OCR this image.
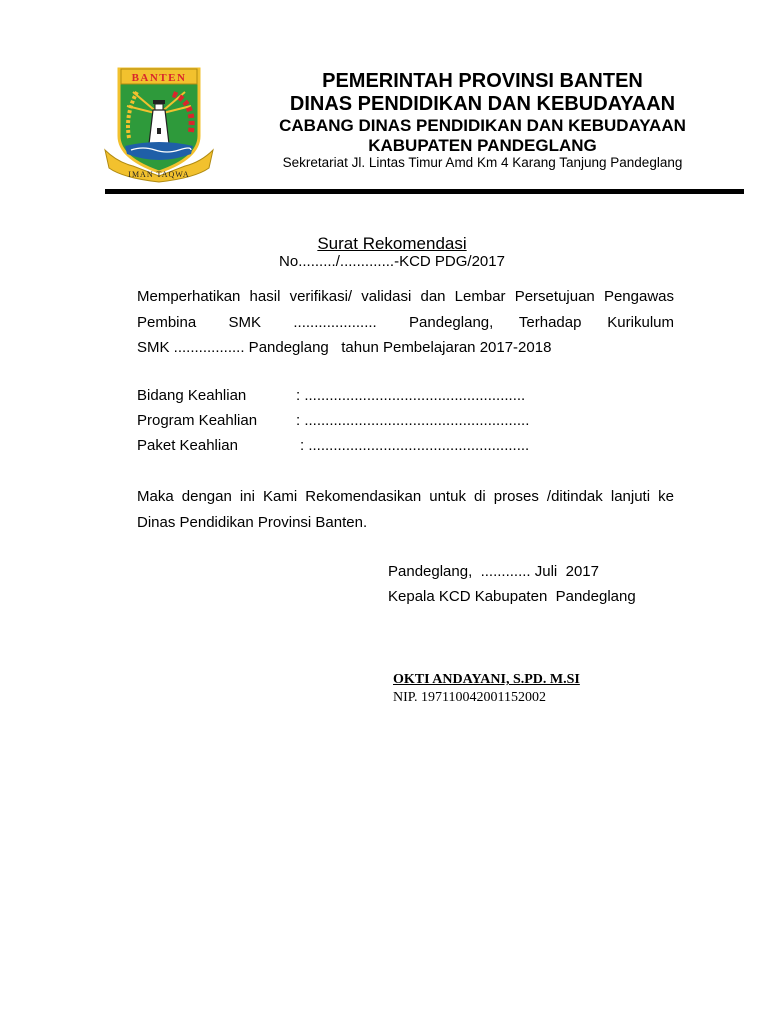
BANTEN
IMAN TAQWA
PEMERINTAH PROVINSI BANTEN
DINAS PENDIDIKAN DAN KEBUDAYAAN
CABANG DINAS PENDIDIKAN DAN KEBUDAYAAN
KABUPATEN PANDEGLANG
Sekretariat Jl. Lintas Timur Amd Km 4 Karang Tanjung Pandeglang
Surat Rekomendasi
No........./.............-KCD PDG/2017
Memperhatikan hasil verifikasi/ validasi dan Lembar Persetujuan Pengawas
Pembina     SMK     ....................     Pandeglang,    Terhadap    Kurikulum
SMK ................. Pandeglang   tahun Pembelajaran 2017-2018
Bidang Keahlian	: .....................................................
Program Keahlian	: ......................................................
Paket Keahlian	: .....................................................
Maka dengan ini Kami Rekomendasikan untuk di proses /ditindak lanjuti ke
Dinas Pendidikan Provinsi Banten.
Pandeglang,  ............ Juli  2017
Kepala KCD Kabupaten  Pandeglang
OKTI ANDAYANI, S.PD. M.SI
NIP. 197110042001152002
